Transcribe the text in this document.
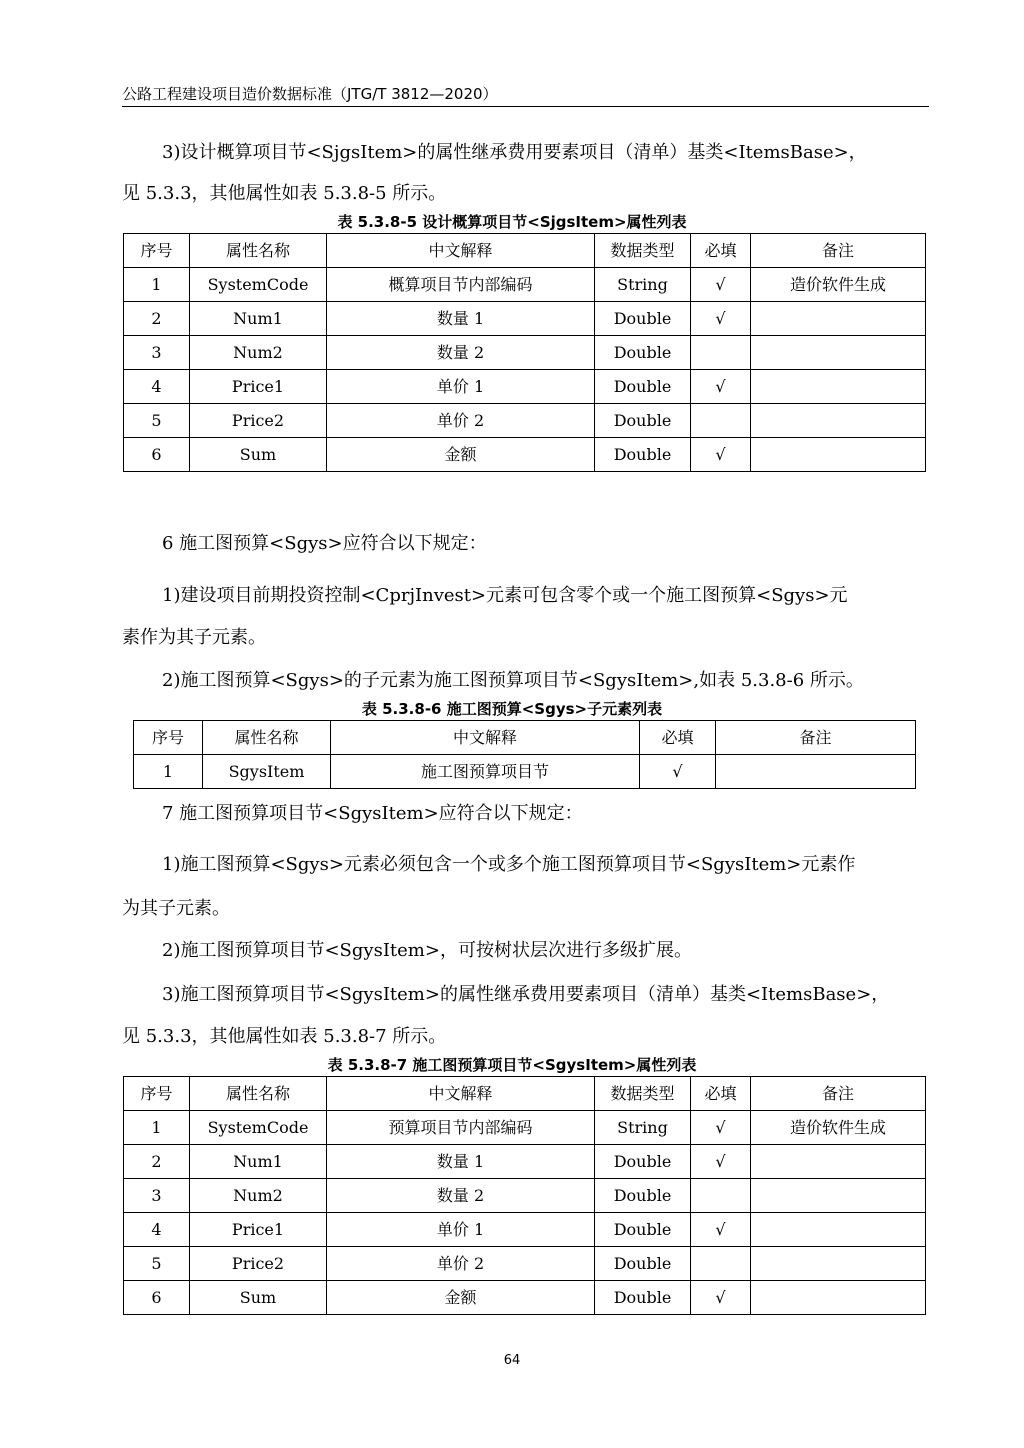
公路工程建设项目造价数据标准（JTG/T 3812—2020）
3)设计概算项目节<SjgsItem>的属性继承费用要素项目（清单）基类<ItemsBase>，
见 5.3.3，其他属性如表 5.3.8-5 所示。
表 5.3.8-5 设计概算项目节<SjgsItem>属性列表
序号	属性名称	中文解释	数据类型	必填	备注
1	SystemCode	概算项目节内部编码	String	√	造价软件生成
2	Num1	数量 1	Double	√	
3	Num2	数量 2	Double		
4	Price1	单价 1	Double	√	
5	Price2	单价 2	Double		
6	Sum	金额	Double	√	
6 施工图预算<Sgys>应符合以下规定：
1)建设项目前期投资控制<CprjInvest>元素可包含零个或一个施工图预算<Sgys>元
素作为其子元素。
2)施工图预算<Sgys>的子元素为施工图预算项目节<SgysItem>,如表 5.3.8-6 所示。
表 5.3.8-6 施工图预算<Sgys>子元素列表
序号	属性名称	中文解释	必填	备注
1	SgysItem	施工图预算项目节	√	
7 施工图预算项目节<SgysItem>应符合以下规定：
1)施工图预算<Sgys>元素必须包含一个或多个施工图预算项目节<SgysItem>元素作
为其子元素。
2)施工图预算项目节<SgysItem>，可按树状层次进行多级扩展。
3)施工图预算项目节<SgysItem>的属性继承费用要素项目（清单）基类<ItemsBase>，
见 5.3.3，其他属性如表 5.3.8-7 所示。
表 5.3.8-7 施工图预算项目节<SgysItem>属性列表
序号	属性名称	中文解释	数据类型	必填	备注
1	SystemCode	预算项目节内部编码	String	√	造价软件生成
2	Num1	数量 1	Double	√	
3	Num2	数量 2	Double		
4	Price1	单价 1	Double	√	
5	Price2	单价 2	Double		
6	Sum	金额	Double	√	
64
